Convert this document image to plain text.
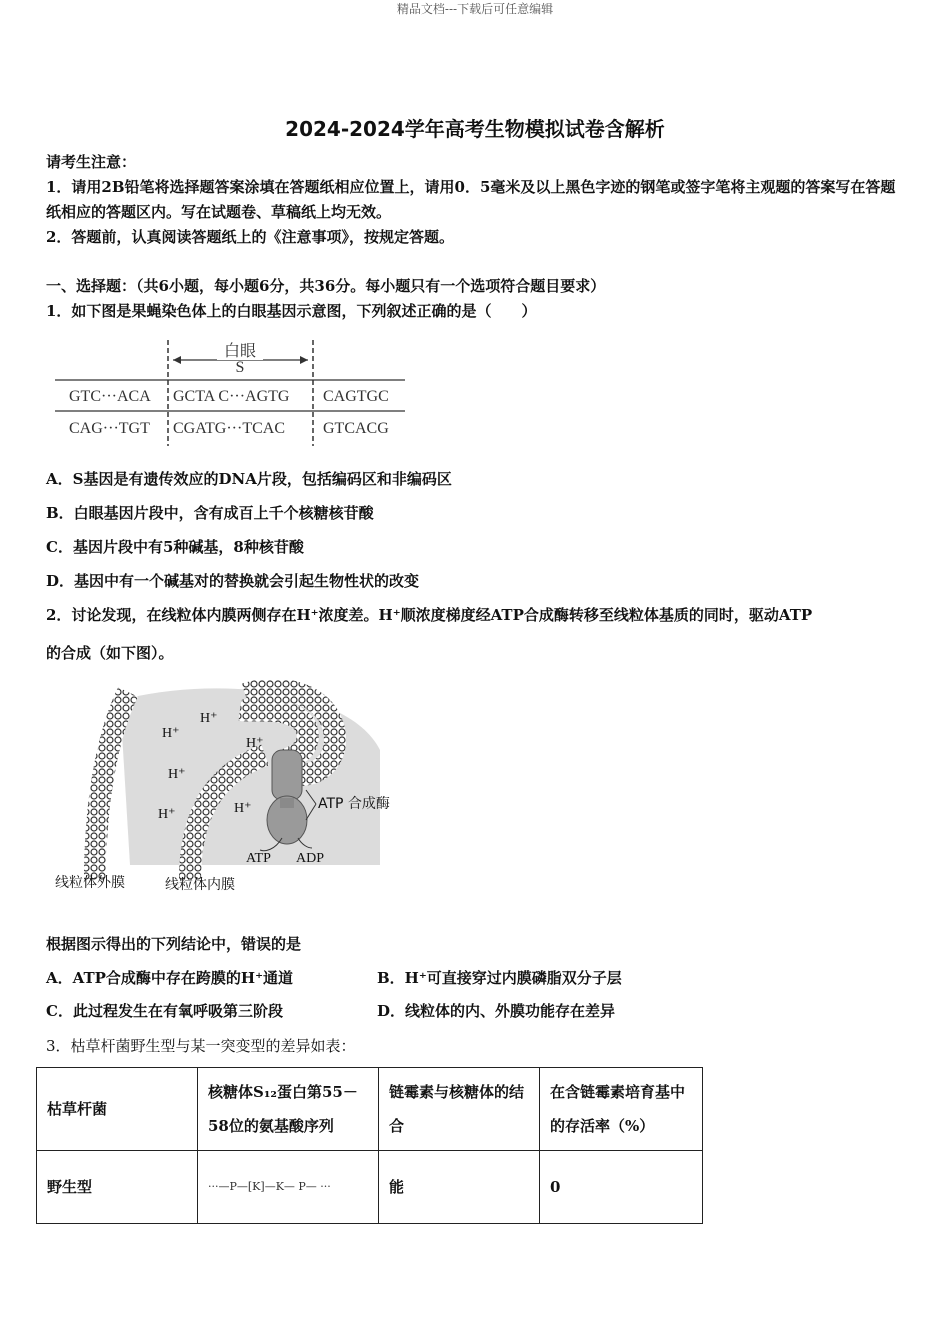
精品文档---下载后可任意编辑
2024-2024学年高考生物模拟试卷含解析
请考生注意：
1．请用2B铅笔将选择题答案涂填在答题纸相应位置上，请用0．5毫米及以上黑色字迹的钢笔或签字笔将主观题的答案写在答题纸相应的答题区内。写在试题卷、草稿纸上均无效。
2．答题前，认真阅读答题纸上的《注意事项》，按规定答题。
一、选择题：（共6小题，每小题6分，共36分。每小题只有一个选项符合题目要求）
1．如下图是果蝇染色体上的白眼基因示意图，下列叙述正确的是（　　）
白眼
S
GTC···ACA GCTA C···AGTG CAGTGC
CAG···TGT CGATG···TCAC GTCACG
A．S基因是有遗传效应的DNA片段，包括编码区和非编码区
B．白眼基因片段中，含有成百上千个核糖核苷酸
C．基因片段中有5种碱基，8种核苷酸
D．基因中有一个碱基对的替换就会引起生物性状的改变
2．讨论发现，在线粒体内膜两侧存在H⁺浓度差。H⁺顺浓度梯度经ATP合成酶转移至线粒体基质的同时，驱动ATP
的合成（如下图）。
H⁺
H⁺
H⁺
H⁺
H⁺
H⁺
ATP ADP
ATP 合成酶
线粒体外膜	线粒体内膜
根据图示得出的下列结论中，错误的是
A．ATP合成酶中存在跨膜的H⁺通道	B．H⁺可直接穿过内膜磷脂双分子层
C．此过程发生在有氧呼吸第三阶段	D．线粒体的内、外膜功能存在差异
3．枯草杆菌野生型与某一突变型的差异如表：
枯草杆菌	核糖体S₁₂蛋白第55－58位的氨基酸序列	链霉素与核糖体的结合	在含链霉素培育基中的存活率（%）
野生型	···—P—[K]—K— P— ···	能	0
